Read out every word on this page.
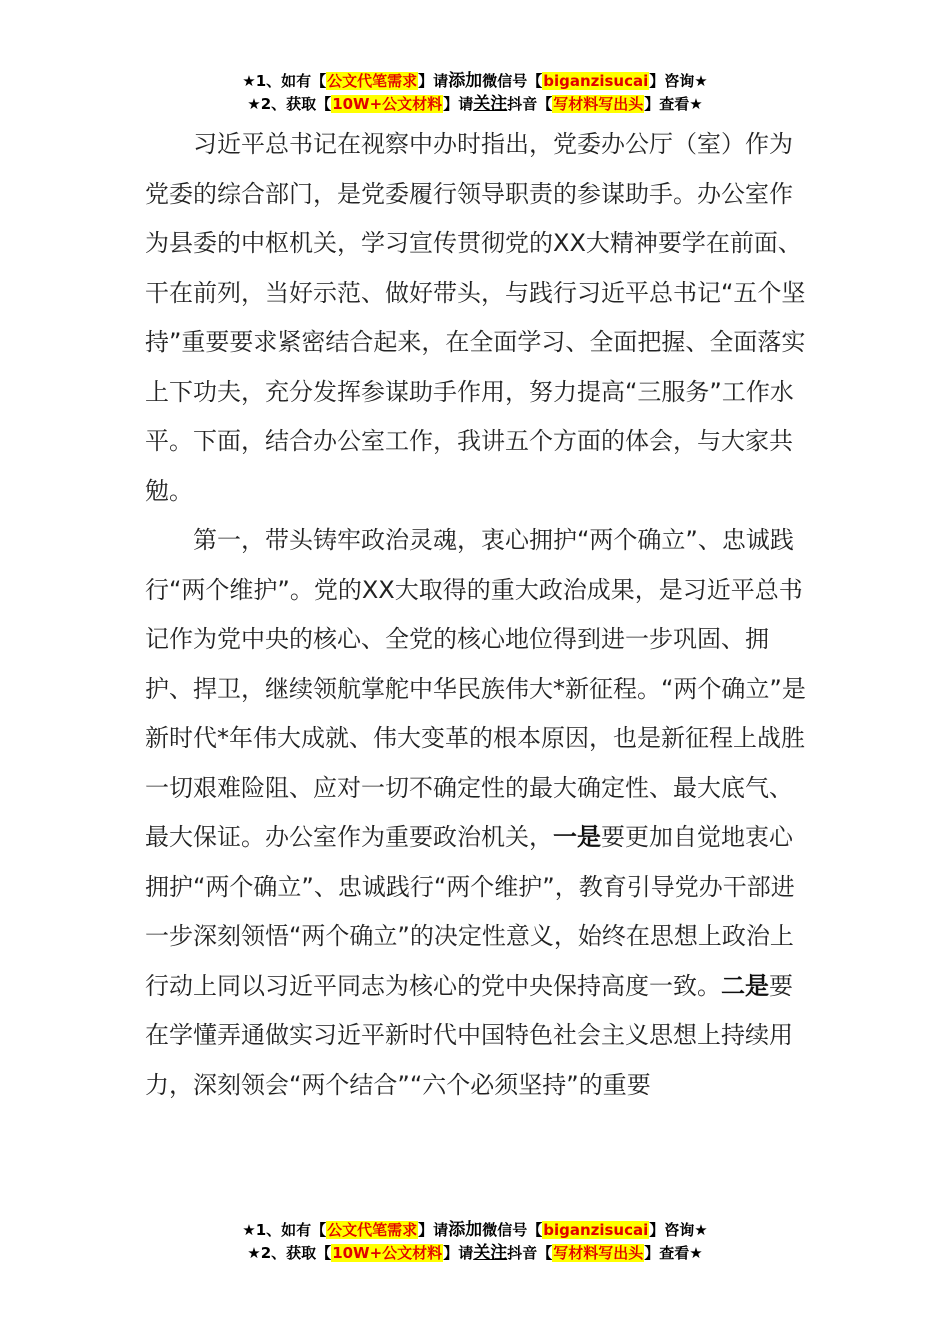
★1、如有【公文代笔需求】请添加微信号【biganzisucai】咨询★
★2、获取【10W+公文材料】请关注抖音【写材料写出头】查看★

习近平总书记在视察中办时指出，党委办公厅（室）作为党委的综合部门，是党委履行领导职责的参谋助手。办公室作为县委的中枢机关，学习宣传贯彻党的XX大精神要学在前面、干在前列，当好示范、做好带头，与践行习近平总书记“五个坚持”重要要求紧密结合起来，在全面学习、全面把握、全面落实上下功夫，充分发挥参谋助手作用，努力提高“三服务”工作水平。下面，结合办公室工作，我讲五个方面的体会，与大家共勉。

第一，带头铸牢政治灵魂，衷心拥护“两个确立”、忠诚践行“两个维护”。党的XX大取得的重大政治成果，是习近平总书记作为党中央的核心、全党的核心地位得到进一步巩固、拥护、捍卫，继续领航掌舵中华民族伟大*新征程。“两个确立”是新时代*年伟大成就、伟大变革的根本原因，也是新征程上战胜一切艰难险阻、应对一切不确定性的最大确定性、最大底气、最大保证。办公室作为重要政治机关，一是要更加自觉地衷心拥护“两个确立”、忠诚践行“两个维护”，教育引导党办干部进一步深刻领悟“两个确立”的决定性意义，始终在思想上政治上行动上同以习近平同志为核心的党中央保持高度一致。二是要在学懂弄通做实习近平新时代中国特色社会主义思想上持续用力，深刻领会“两个结合”“六个必须坚持”的重要

★1、如有【公文代笔需求】请添加微信号【biganzisucai】咨询★
★2、获取【10W+公文材料】请关注抖音【写材料写出头】查看★
